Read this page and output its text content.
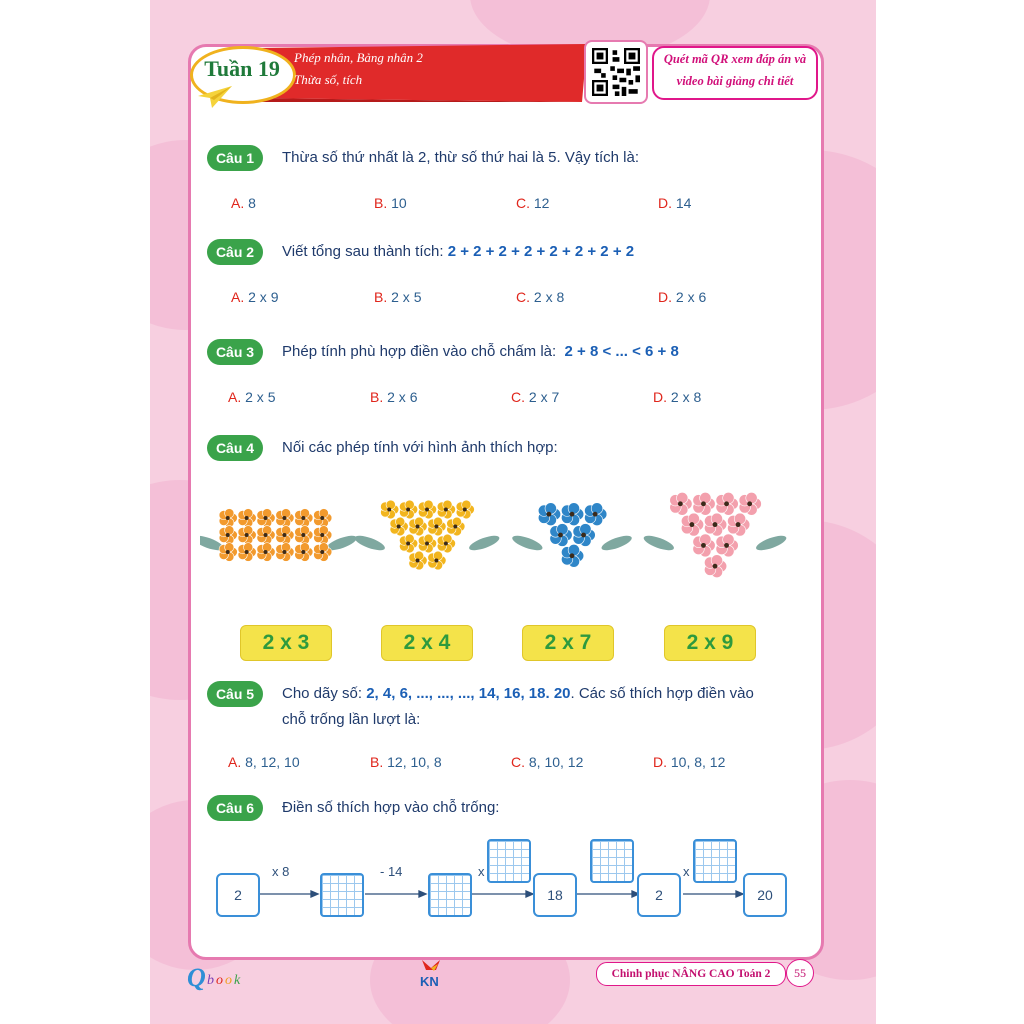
Tuần 19	Phép nhân, Bảng nhân 2
Thừa số, tích
Quét mã QR xem đáp án và
video bài giảng chi tiết
Câu 1	Thừa số thứ nhất là 2, thừ số thứ hai là 5. Vậy tích là:
A. 8	B. 10	C. 12	D. 14
Câu 2	Viết tổng sau thành tích: 2 + 2 + 2 + 2 + 2 + 2 + 2 + 2
A. 2 x 9	B. 2 x 5	C. 2 x 8	D. 2 x 6
Câu 3	Phép tính phù hợp điền vào chỗ chấm là: 2 + 8 < ... < 6 + 8
A. 2 x 5	B. 2 x 6	C. 2 x 7	D. 2 x 8
Câu 4	Nối các phép tính với hình ảnh thích hợp:
2 x 3	2 x 4	2 x 7	2 x 9
Câu 5	Cho dãy số: 2, 4, 6, ..., ..., ..., 14, 16, 18. 20. Các số thích hợp điền vào
chỗ trống lần lượt là:
A. 8, 12, 10	B. 12, 10, 8	C. 8, 10, 12	D. 10, 8, 12
Câu 6	Điền số thích hợp vào chỗ trống:
2
x 8	- 14	x
18	2
x
20
Q b o o k	KN	Chinh phục NÂNG CAO Toán 2	55
